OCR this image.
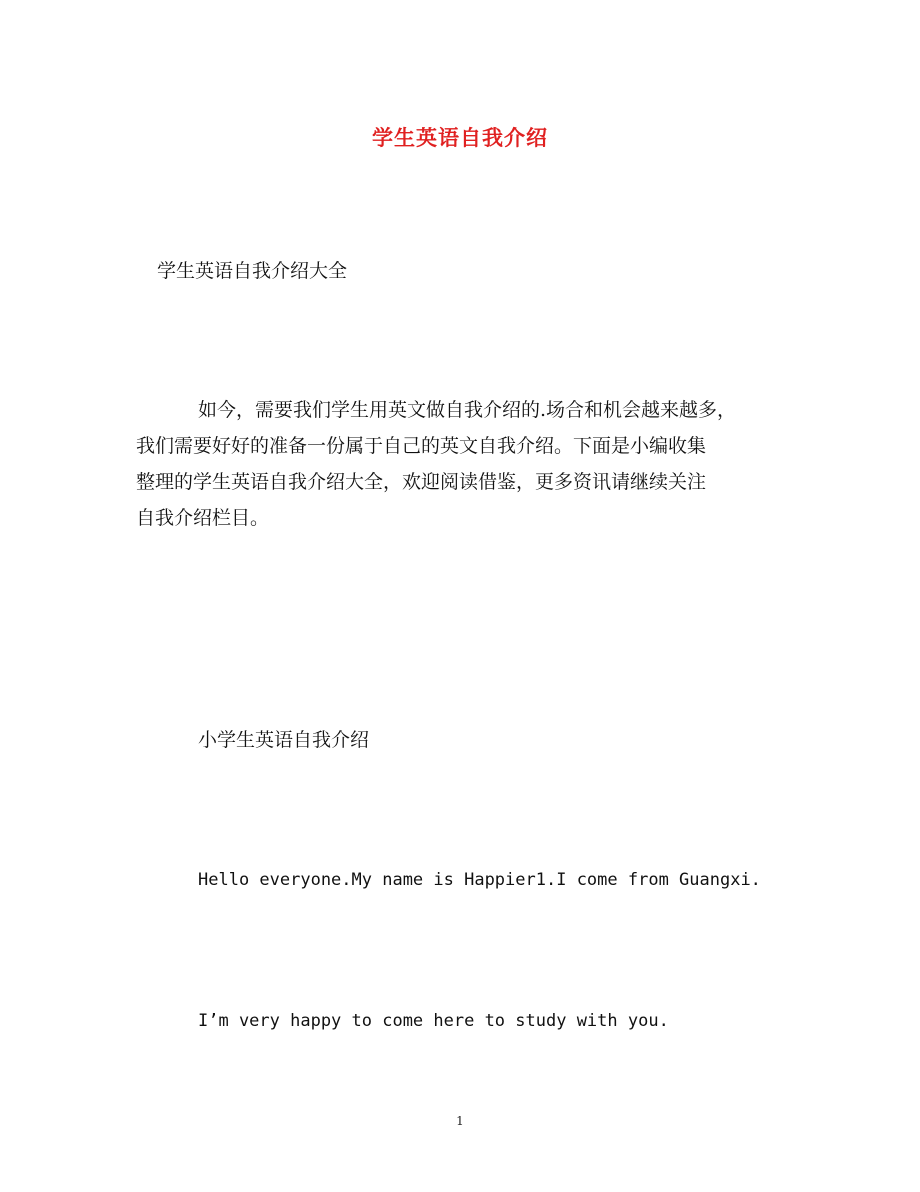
学生英语自我介绍
学生英语自我介绍大全
如今，需要我们学生用英文做自我介绍的.场合和机会越来越多，
我们需要好好的准备一份属于自己的英文自我介绍。下面是小编收集
整理的学生英语自我介绍大全，欢迎阅读借鉴，更多资讯请继续关注
自我介绍栏目。
小学生英语自我介绍
Hello everyone.My name is Happier1.I come from Guangxi.
I’m very happy to come here to study with you.
1
